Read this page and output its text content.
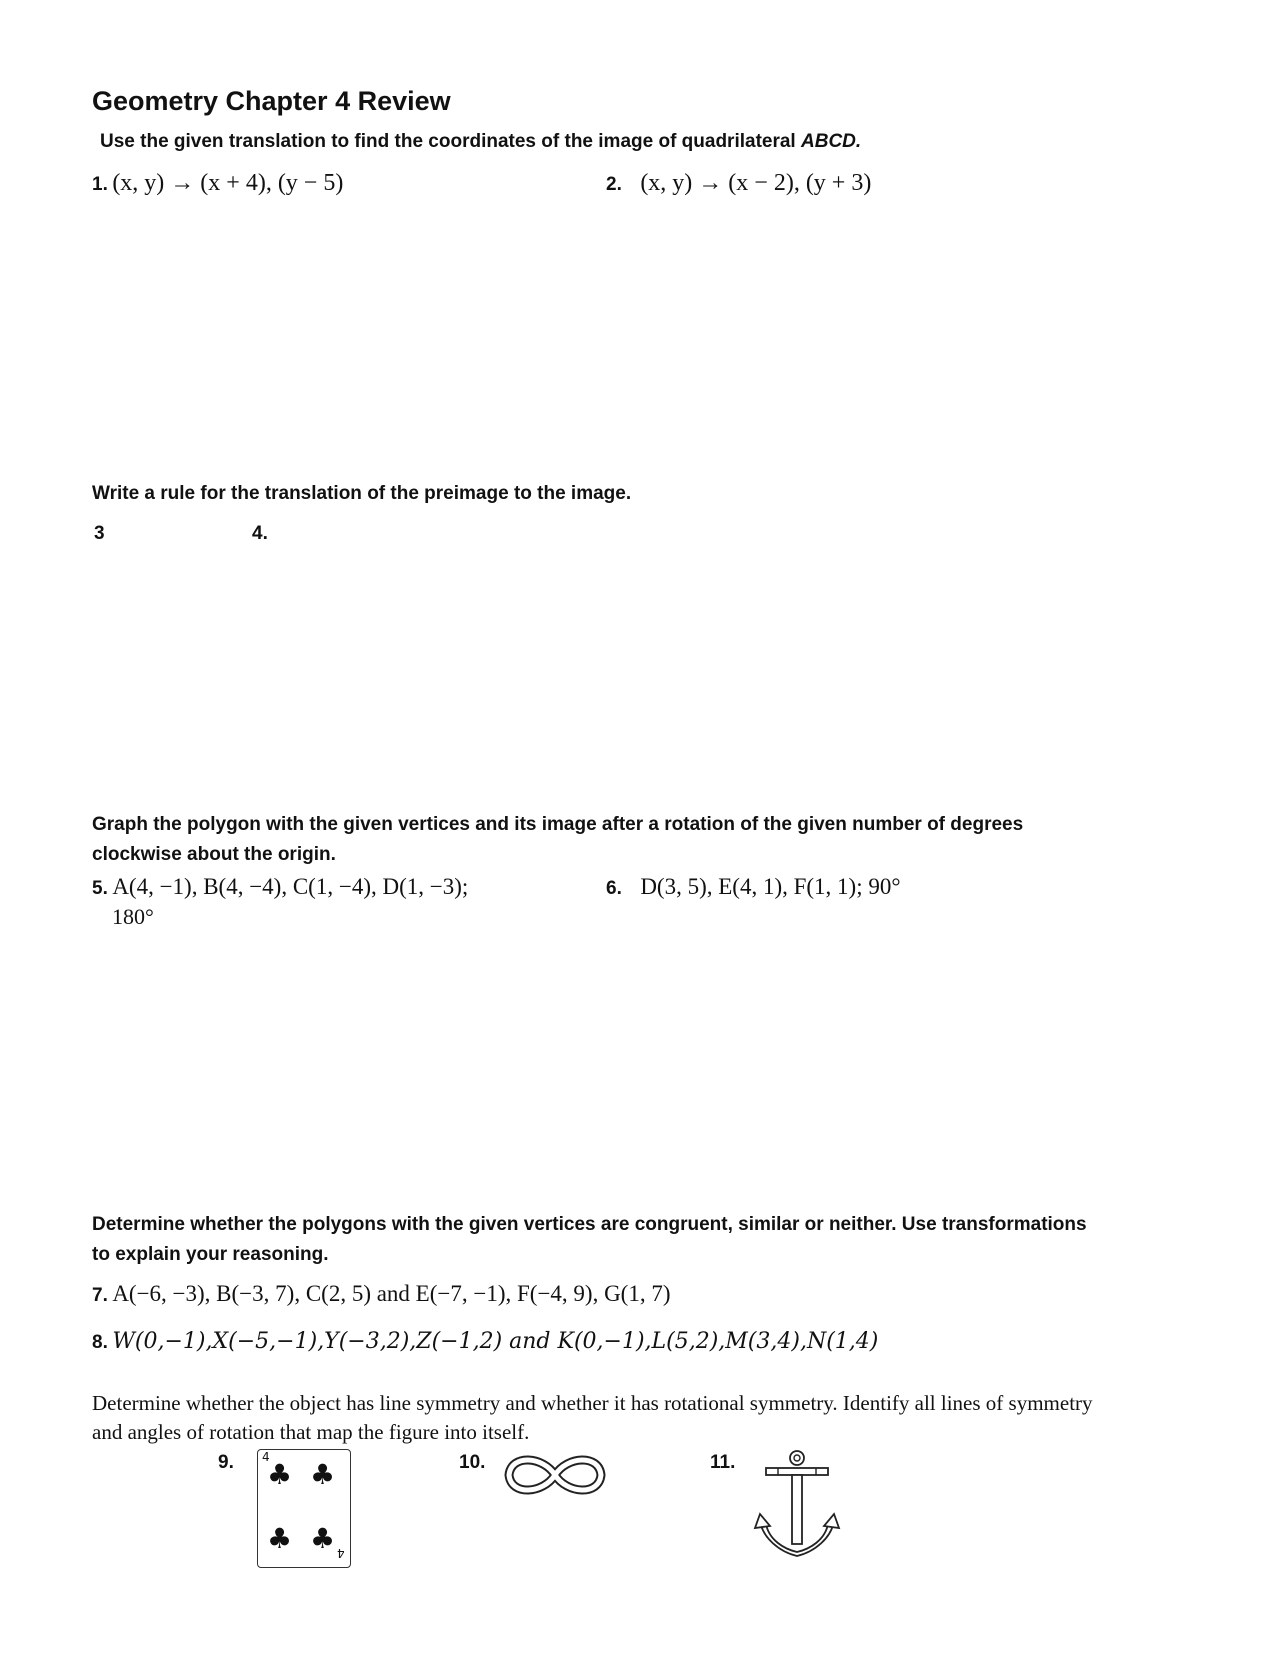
Geometry Chapter 4 Review
Use the given translation to find the coordinates of the image of quadrilateral ABCD.
1. (x, y) → (x + 4), (y − 5)	2. (x, y) → (x − 2), (y + 3)
Write a rule for the translation of the preimage to the image.
3	4.
Graph the polygon with the given vertices and its image after a rotation of the given number of degrees
clockwise about the origin.
5. A(4, −1), B(4, −4), C(1, −4), D(1, −3);
180°
6. D(3, 5), E(4, 1), F(1, 1); 90°
Determine whether the polygons with the given vertices are congruent, similar or neither. Use transformations
to explain your reasoning.
7. A(−6, −3), B(−3, 7), C(2, 5) and E(−7, −1), F(−4, 9), G(1, 7)
8. W(0,−1),X(−5,−1),Y(−3,2),Z(−1,2) and K(0,−1),L(5,2),M(3,4),N(1,4)
Determine whether the object has line symmetry and whether it has rotational symmetry. Identify all lines of symmetry
and angles of rotation that map the figure into itself.
9.	10.	11.
4
♣ ♣
♣ ♣ 4
